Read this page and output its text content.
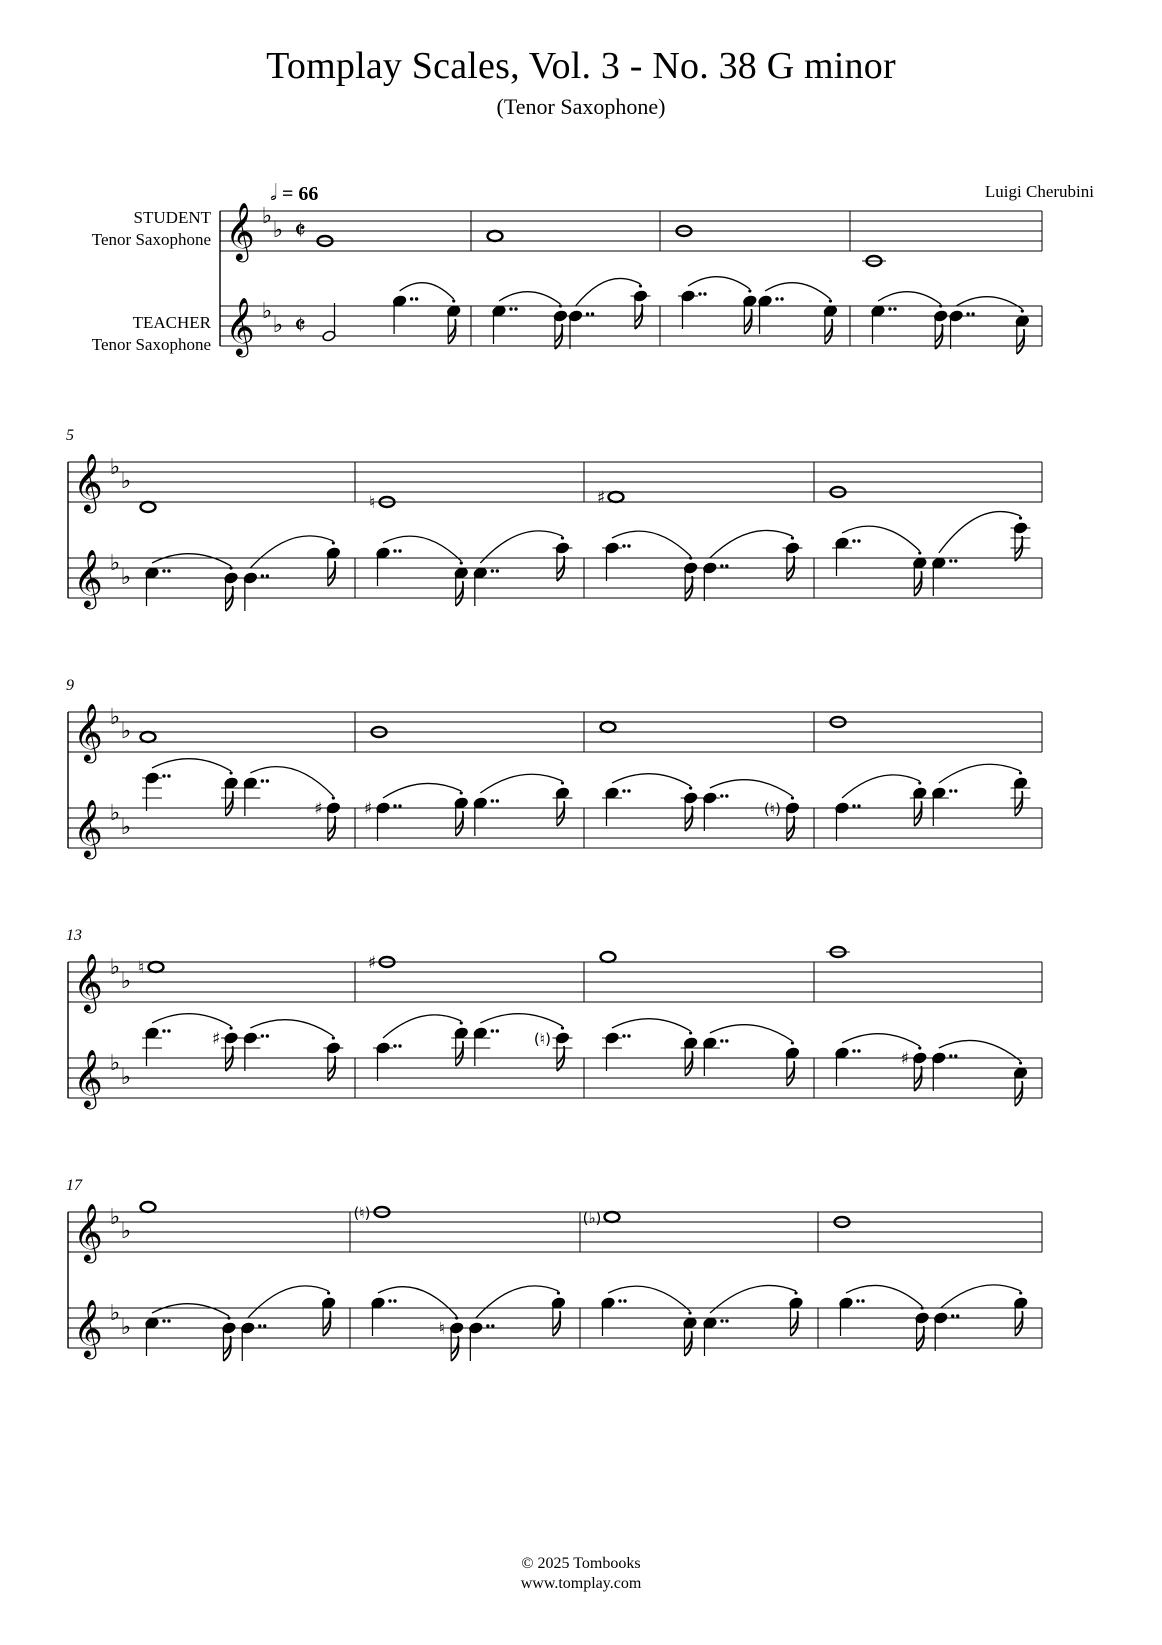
Tomplay Scales, Vol. 3 - No. 38 G minor
(Tenor Saxophone)
Luigi Cherubini
𝅗𝅥 = 66
STUDENT
Tenor Saxophone
TEACHER
Tenor Saxophone
𝄞 ♭
♭ 𝄵
𝄞 ♭
♭ 𝄵
𝄞 ♭
♭
𝄞 ♭
♭
5
♮	♯
𝄞 ♭
♭
𝄞 ♭
♭
9
♯ ♯	(♮)
𝄞 ♭
♭
𝄞 ♭
♭
13
♮
♯
♯
(♮)
♯
𝄞 ♭
♭
𝄞 ♭
♭
17
(♮)
♮
(♭)
© 2025 Tombooks
www.tomplay.com
